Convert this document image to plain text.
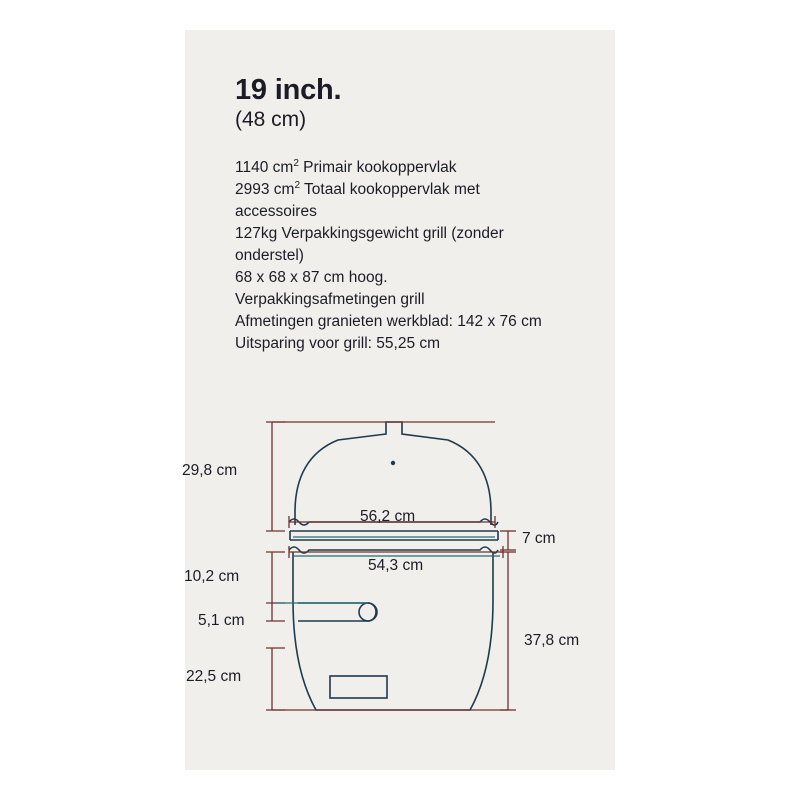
19 inch.
(48 cm)
1140 $cm^2$ Primair kookoppervlak
2993 $cm^2$ Totaal kookoppervlak met
accessoires
127kg Verpakkingsgewicht grill (zonder
onderstel)
68 x 68 x 87 cm hoog.
Verpakkingsafmetingen grill
Afmetingen granieten werkblad: 142 x 76 cm
Uitsparing voor grill: 55,25 cm
29,8 cm
56,2 cm
7 cm
54,3 cm
10,2 cm
5,1 cm
22,5 cm
37,8 cm
